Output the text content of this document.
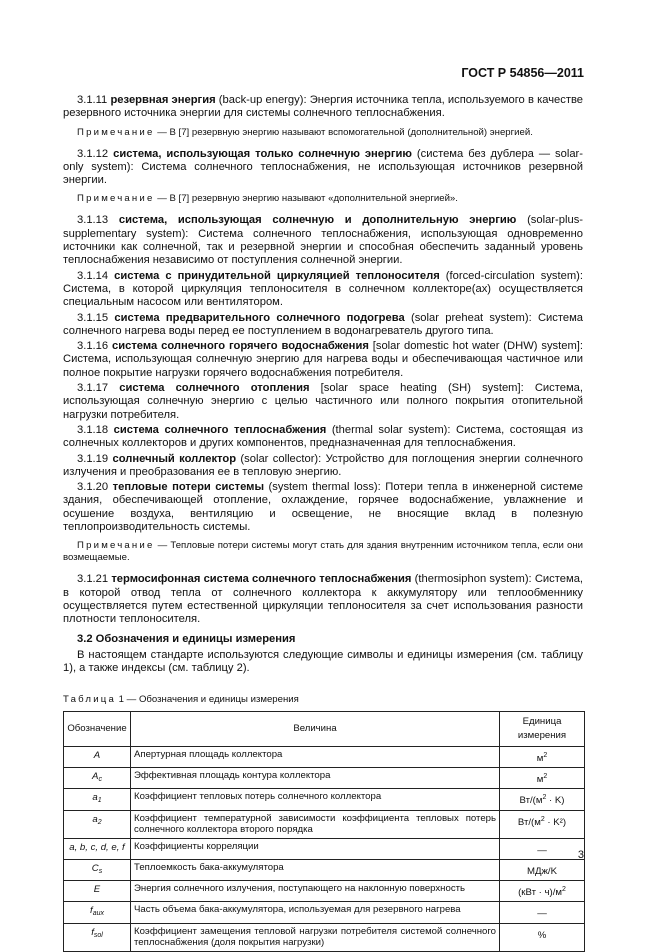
ГОСТ Р 54856—2011

3.1.11 резервная энергия (back-up energy): Энергия источника тепла, используемого в качестве резервного источника энергии для системы солнечного теплоснабжения.

Примечание — В [7] резервную энергию называют вспомогательной (дополнительной) энергией.

3.1.12 система, использующая только солнечную энергию (система без дублера — solar-only system): Система солнечного теплоснабжения, не использующая источников резервной энергии.

Примечание — В [7] резервную энергию называют «дополнительной энергией».

3.1.13 система, использующая солнечную и дополнительную энергию (solar-plus-supplementary system): Система солнечного теплоснабжения, использующая одновременно источники как солнечной, так и резервной энергии и способная обеспечить заданный уровень теплоснабжения независимо от поступления солнечной энергии.

3.1.14 система с принудительной циркуляцией теплоносителя (forced-circulation system): Система, в которой циркуляция теплоносителя в солнечном коллекторе(ах) осуществляется специальным насосом или вентилятором.

3.1.15 система предварительного солнечного подогрева (solar preheat system): Система солнечного нагрева воды перед ее поступлением в водонагреватель другого типа.

3.1.16 система солнечного горячего водоснабжения [solar domestic hot water (DHW) system]: Система, использующая солнечную энергию для нагрева воды и обеспечивающая частичное или полное покрытие нагрузки горячего водоснабжения потребителя.

3.1.17 система солнечного отопления [solar space heating (SH) system]: Система, использующая солнечную энергию с целью частичного или полного покрытия отопительной нагрузки потребителя.

3.1.18 система солнечного теплоснабжения (thermal solar system): Система, состоящая из солнечных коллекторов и других компонентов, предназначенная для теплоснабжения.

3.1.19 солнечный коллектор (solar collector): Устройство для поглощения энергии солнечного излучения и преобразования ее в тепловую энергию.

3.1.20 тепловые потери системы (system thermal loss): Потери тепла в инженерной системе здания, обеспечивающей отопление, охлаждение, горячее водоснабжение, увлажнение и осушение воздуха, вентиляцию и освещение, не вносящие вклад в полезную теплопроизводительность системы.

Примечание — Тепловые потери системы могут стать для здания внутренним источником тепла, если они возмещаемые.

3.1.21 термосифонная система солнечного теплоснабжения (thermosiphon system): Система, в которой отвод тепла от солнечного коллектора к аккумулятору или теплообменнику осуществляется путем естественной циркуляции теплоносителя за счет использования разности плотности теплоносителя.

3.2 Обозначения и единицы измерения

В настоящем стандарте используются следующие символы и единицы измерения (см. таблицу 1), а также индексы (см. таблицу 2).

Таблица 1 — Обозначения и единицы измерения
Обозначение	Величина	Единица измерения
A	Апертурная площадь коллектора	$м^2$
$A_c$	Эффективная площадь контура коллектора	$м^2$
$a_1$	Коэффициент тепловых потерь солнечного коллектора	$Вт/(м^2 \cdot K)$
$a_2$	Коэффициент температурной зависимости коэффициента тепловых потерь солнечного коллектора второго порядка	$Вт/(м^2 \cdot K^2)$
a, b, c, d, e, f	Коэффициенты корреляции	—
$C_s$	Теплоемкость бака-аккумулятора	МДж/K
E	Энергия солнечного излучения, поступающего на наклонную поверхность	$(кВт \cdot ч)/м^2$
$f_{aux}$	Часть объема бака-аккумулятора, используемая для резервного нагрева	—
$f_{sol}$	Коэффициент замещения тепловой нагрузки потребителя системой солнечного теплоснабжения (доля покрытия нагрузки)	%
3
